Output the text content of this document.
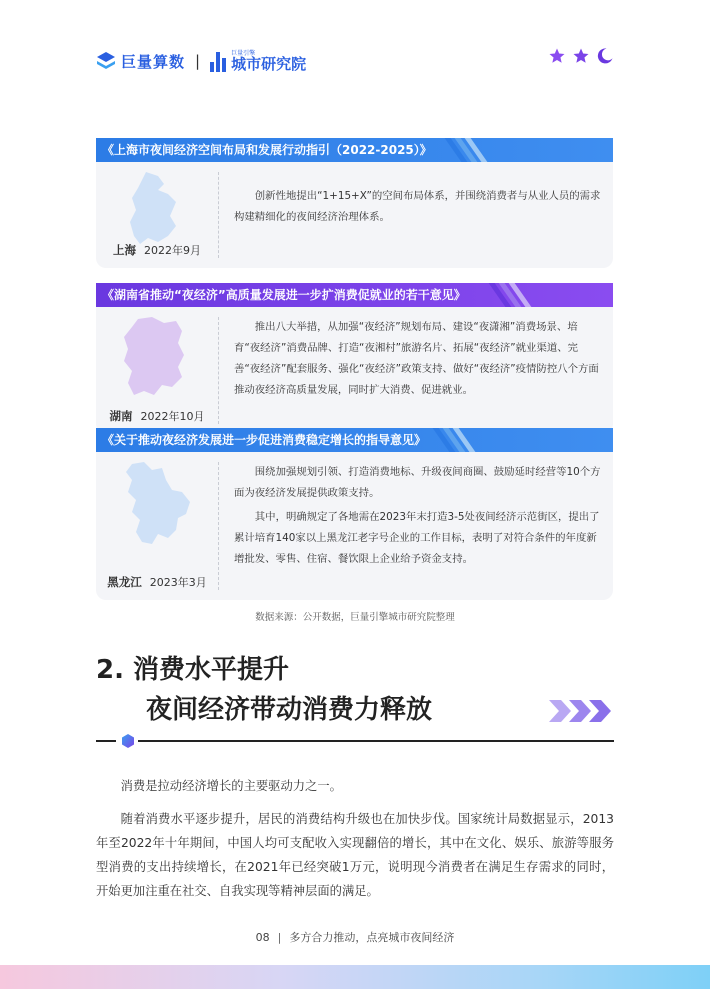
巨量算数 |	巨量引擎
城市研究院
《上海市夜间经济空间布局和发展行动指引（2022-2025）》
上海 2022年9月

创新性地提出“1+15+X”的空间布局体系，并围绕消费者与从业人员的需求构建精细化的夜间经济治理体系。

《湖南省推动“夜经济”高质量发展进一步扩消费促就业的若干意见》
湖南 2022年10月

推出八大举措，从加强“夜经济”规划布局、建设“夜潇湘”消费场景、培育“夜经济”消费品牌、打造“夜湘村”旅游名片、拓展“夜经济”就业渠道、完善“夜经济”配套服务、强化“夜经济”政策支持、做好“夜经济”疫情防控八个方面推动夜经济高质量发展，同时扩大消费、促进就业。

《关于推动夜经济发展进一步促进消费稳定增长的指导意见》
黑龙江 2023年3月

围绕加强规划引领、打造消费地标、升级夜间商圈、鼓励延时经营等10个方面为夜经济发展提供政策支持。

其中，明确规定了各地需在2023年末打造3-5处夜间经济示范街区，提出了累计培育140家以上黑龙江老字号企业的工作目标，表明了对符合条件的年度新增批发、零售、住宿、餐饮限上企业给予资金支持。

数据来源：公开数据，巨量引擎城市研究院整理
2. 消费水平提升
夜间经济带动消费力释放

消费是拉动经济增长的主要驱动力之一。

随着消费水平逐步提升，居民的消费结构升级也在加快步伐。国家统计局数据显示，2013年至2022年十年期间，中国人均可支配收入实现翻倍的增长，其中在文化、娱乐、旅游等服务型消费的支出持续增长，在2021年已经突破1万元，说明现今消费者在满足生存需求的同时，开始更加注重在社交、自我实现等精神层面的满足。

08 | 多方合力推动，点亮城市夜间经济
